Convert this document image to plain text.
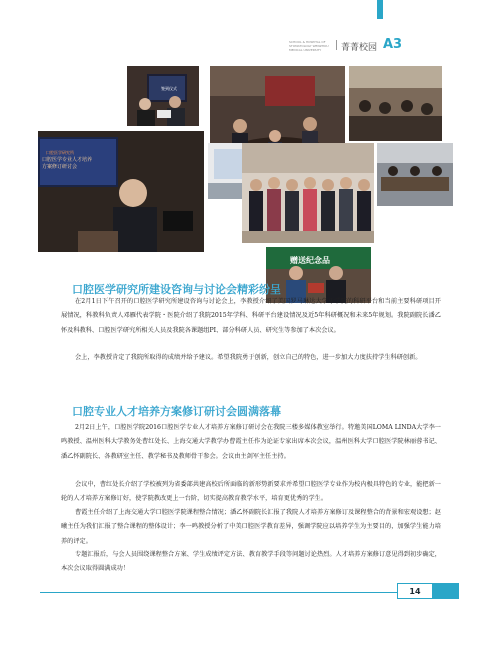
SCHOOL & HOSPITAL OF STOMATOLOGY WENZHOU MEDICAL UNIVERSITY	菁菁校园 A3
签到仪式
口腔医学研究所
口腔医学专业人才培养方案修订研讨会
赠送纪念品
口腔医学研究所建设咨询与讨论会精彩纷呈
在2月1日下午召开的口腔医学研究所建设咨询与讨论会上，李教授介绍了美国罗马琳达大学牙学院的科研平台和当前主要科研项目开展情况，科教科负责人邓雁代表学院・医院介绍了我院2015年学科、科研平台建设情况及近5年科研概况和未来5年规划。我院副院长潘乙怀及科教科、口腔医学研究所相关人员及我院各课题组PI、部分科研人员、研究生等参加了本次会议。
会上，李教授肯定了我院所取得的成绩并给予建议。希望我院勇于创新，创立自己的特色，进一步加大力度扶持学生科研创新。
口腔专业人才培养方案修订研讨会圆满落幕
2月2日上午，口腔医学院2016口腔医学专业人才培养方案修订研讨会在我院三楼多媒体教室举行。特邀美国LOMA LINDA大学李一鸣教授、温州医科大学教务处曹红处长、上海交通大学教学办曹霞主任作为论证专家出席本次会议，温州医科大学口腔医学院林丽蓉书记、潘乙怀副院长、各教研室主任、教学秘书及教师骨干参会。会议由主剑军主任主持。
会议中，曹红处长介绍了学校被列为省委部共建高校后所面临的新形势新要求并希望口腔医学专业作为校内极具特色的专业，能把新一轮的人才培养方案修订好，使学院教改更上一台阶，切实提高教育教学水平，培育更优秀的学生。
曹霞主任介绍了上海交通大学口腔医学院课程整合情况；潘乙怀副院长汇报了我院人才培养方案修订及课程整合的背景和宏观设想；赵曦主任为我们汇报了整合课程的整体设计；李一鸣教授分析了中美口腔医学教育差异，强调学院应以培养学生为主要目的，加强学生能力培养的评定。
专题汇报后，与会人员围绕课程整合方案、学生成绩评定方法、教育教学手段等问题讨论热烈。人才培养方案修订意见得到初步确定，本次会议取得圆满成功！
14
